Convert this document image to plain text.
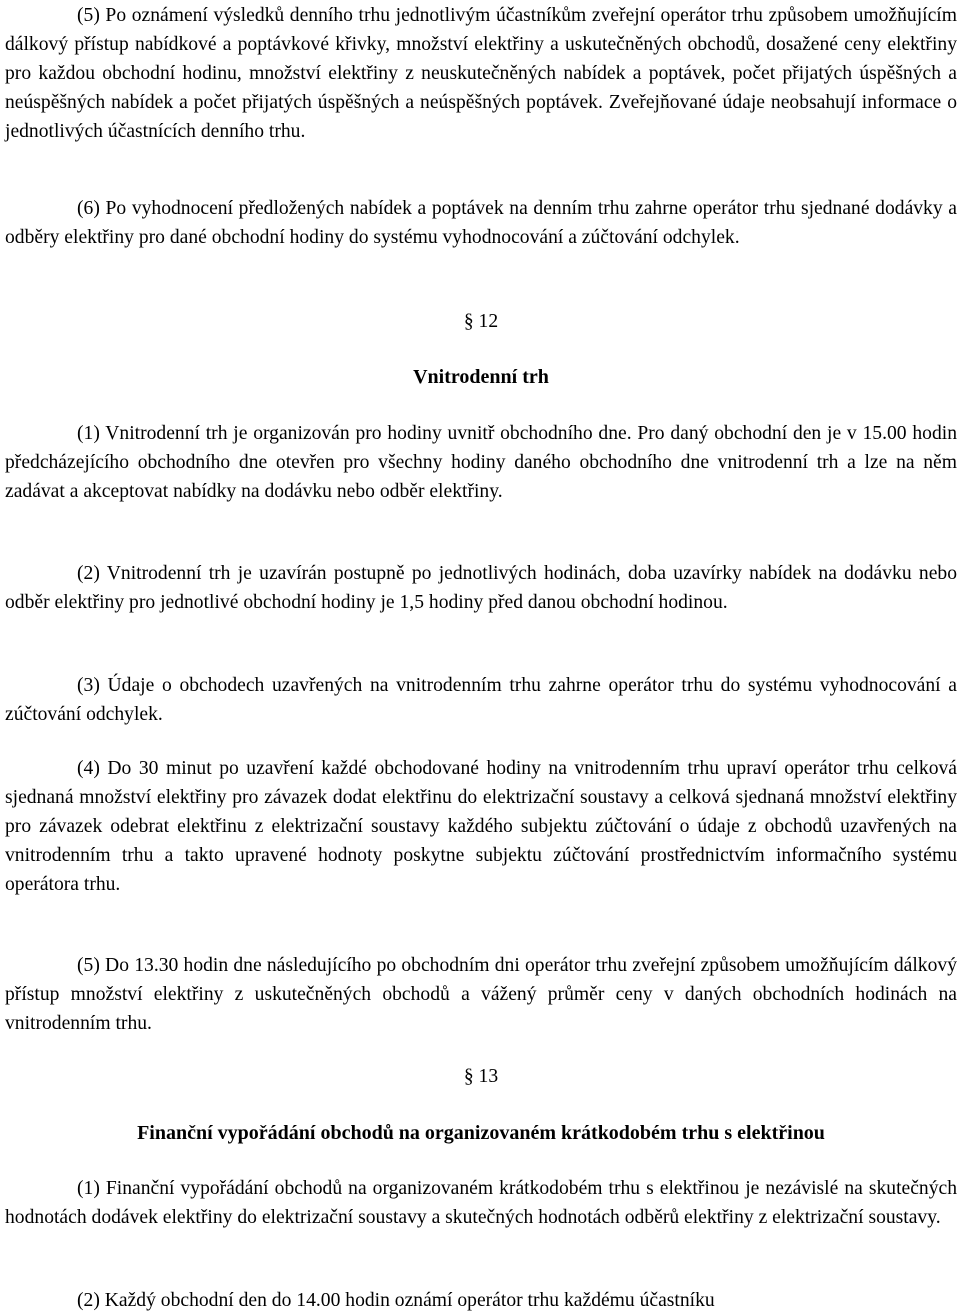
(5) Po oznámení výsledků denního trhu jednotlivým účastníkům zveřejní operátor trhu způsobem umožňujícím dálkový přístup nabídkové a poptávkové křivky, množství elektřiny a uskutečněných obchodů, dosažené ceny elektřiny pro každou obchodní hodinu, množství elektřiny z neuskutečněných nabídek a poptávek, počet přijatých úspěšných a neúspěšných nabídek a počet přijatých úspěšných a neúspěšných poptávek. Zveřejňované údaje neobsahují informace o jednotlivých účastnících denního trhu.

(6) Po vyhodnocení předložených nabídek a poptávek na denním trhu zahrne operátor trhu sjednané dodávky a odběry elektřiny pro dané obchodní hodiny do systému vyhodnocování a zúčtování odchylek.

§ 12
Vnitrodenní trh

(1) Vnitrodenní trh je organizován pro hodiny uvnitř obchodního dne. Pro daný obchodní den je v 15.00 hodin předcházejícího obchodního dne otevřen pro všechny hodiny daného obchodního dne vnitrodenní trh a lze na něm zadávat a akceptovat nabídky na dodávku nebo odběr elektřiny.

(2) Vnitrodenní trh je uzavírán postupně po jednotlivých hodinách, doba uzavírky nabídek na dodávku nebo odběr elektřiny pro jednotlivé obchodní hodiny je 1,5 hodiny před danou obchodní hodinou.

(3) Údaje o obchodech uzavřených na vnitrodenním trhu zahrne operátor trhu do systému vyhodnocování a zúčtování odchylek.

(4) Do 30 minut po uzavření každé obchodované hodiny na vnitrodenním trhu upraví operátor trhu celková sjednaná množství elektřiny pro závazek dodat elektřinu do elektrizační soustavy a celková sjednaná množství elektřiny pro závazek odebrat elektřinu z elektrizační soustavy každého subjektu zúčtování o údaje z obchodů uzavřených na vnitrodenním trhu a takto upravené hodnoty poskytne subjektu zúčtování prostřednictvím informačního systému operátora trhu.

(5) Do 13.30 hodin dne následujícího po obchodním dni operátor trhu zveřejní způsobem umožňujícím dálkový přístup množství elektřiny z uskutečněných obchodů a vážený průměr ceny v daných obchodních hodinách na vnitrodenním trhu.

§ 13
Finanční vypořádání obchodů na organizovaném krátkodobém trhu s elektřinou

(1) Finanční vypořádání obchodů na organizovaném krátkodobém trhu s elektřinou je nezávislé na skutečných hodnotách dodávek elektřiny do elektrizační soustavy a skutečných hodnotách odběrů elektřiny z elektrizační soustavy.

(2) Každý obchodní den do 14.00 hodin oznámí operátor trhu každému účastníku
